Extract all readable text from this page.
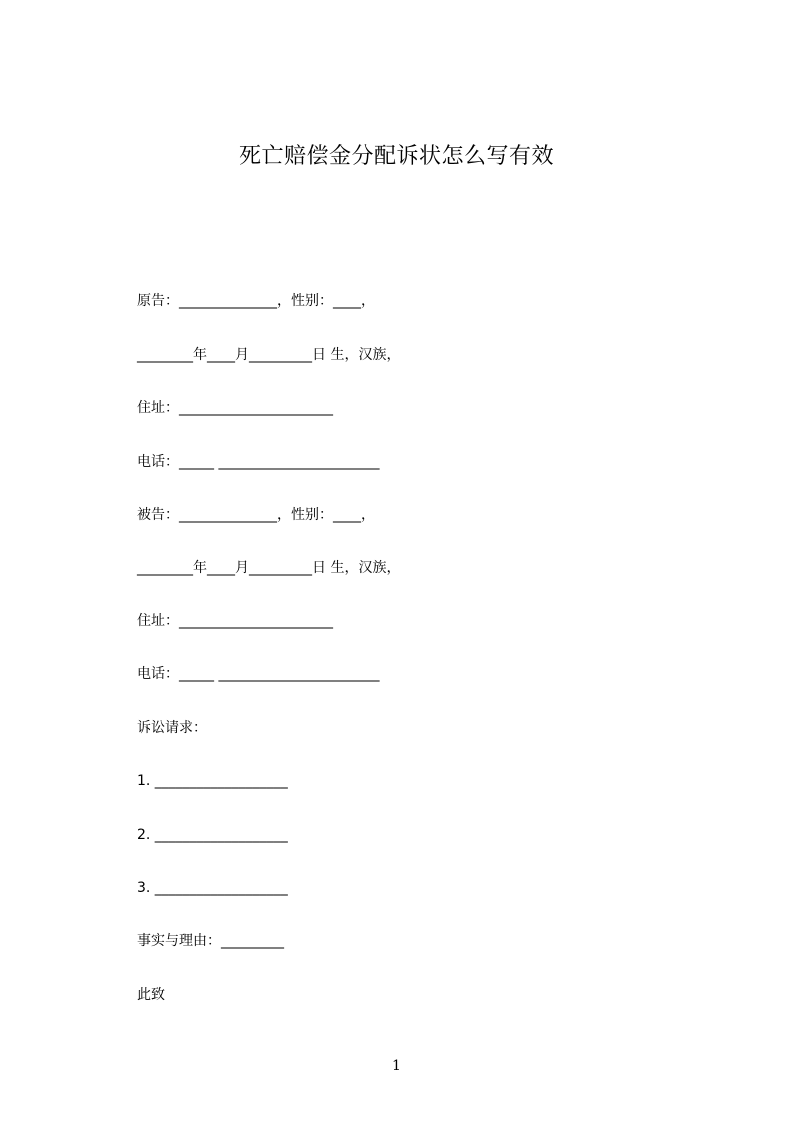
死亡赔偿金分配诉状怎么写有效
原告：______________，性别：____，
________年____月_________日 生，汉族，
住址：______________________
电话：_____ _______________________
被告：______________，性别：____，
________年____月_________日 生，汉族，
住址：______________________
电话：_____ _______________________
诉讼请求：
1. ___________________
2. ___________________
3. ___________________
事实与理由：_________
此致
1
